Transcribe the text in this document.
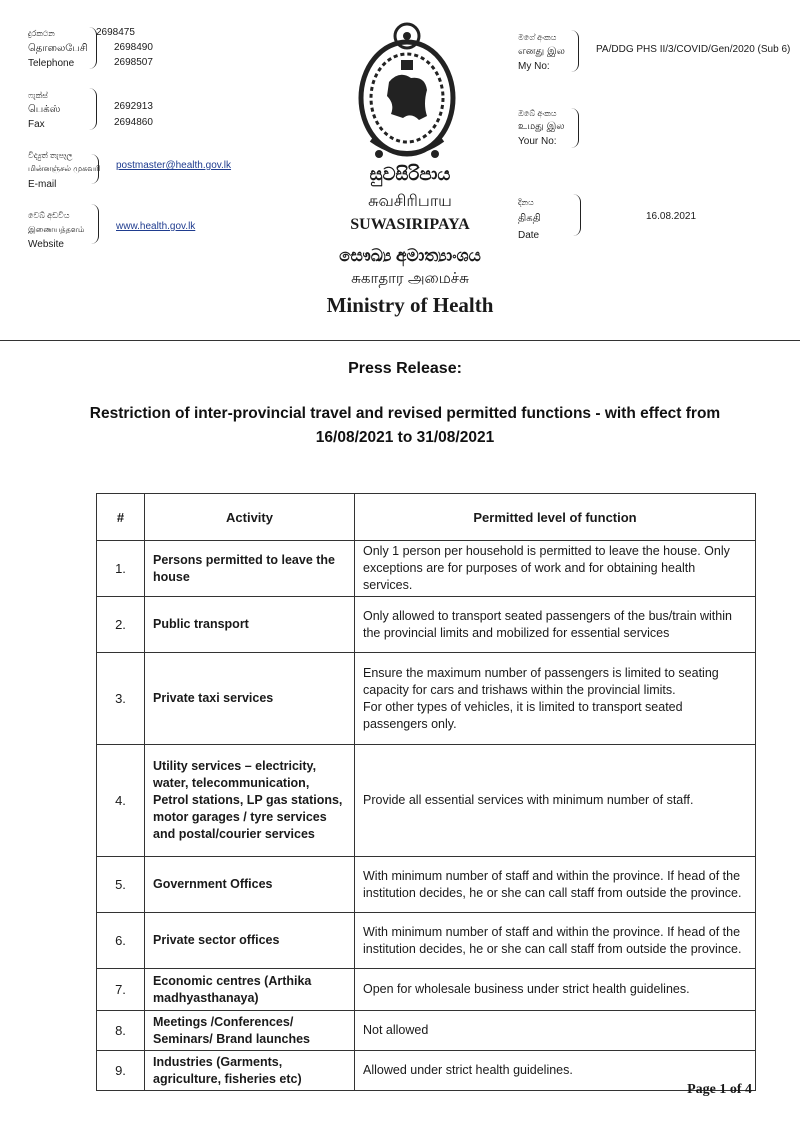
දුරකථන
தொலைபேசி
Telephone
2698475
2698490
2698507
ෆැක්ස්
பெக்ஸ்
Fax
2692913
2694860
විද්‍යුත් තැපෑල
மின்னஞ்சல் முகவரி
E-mail
postmaster@health.gov.lk
වෙබ් අඩවිය
இணையத்தளம்
Website
www.health.gov.lk
සුවසිරිපාය
சுவசிரிபாய
SUWASIRIPAYA
සෞඛ්‍ය අමාත්‍යාංශය
சுகாதார அமைச்சு
Ministry of Health
මගේ අංකය
எனது இல
My No:
PA/DDG PHS II/3/COVID/Gen/2020 (Sub 6)
ඔබේ අංකය
உமது இல
Your No:
දිනය
திகதி
Date
16.08.2021
Press Release:
Restriction of inter-provincial travel and revised permitted functions - with effect from
16/08/2021 to 31/08/2021
#	Activity	Permitted level of function
1.	Persons permitted to leave the house	Only 1 person per household is permitted to leave the house. Only exceptions are for purposes of work and for obtaining health services.
2.	Public transport	Only allowed to transport seated passengers of the bus/train within the provincial limits and mobilized for essential services
3.	Private taxi services	Ensure the maximum number of passengers is limited to seating capacity for cars and trishaws within the provincial limits.
For other types of vehicles, it is limited to transport seated passengers only.
4.	Utility services – electricity, water, telecommunication, Petrol stations, LP gas stations, motor garages / tyre services and postal/courier services	Provide all essential services with minimum number of staff.
5.	Government Offices	With minimum number of staff and within the province. If head of the institution decides, he or she can call staff from outside the province.
6.	Private sector offices	With minimum number of staff and within the province. If head of the institution decides, he or she can call staff from outside the province.
7.	Economic centres (Arthika madhyasthanaya)	Open for wholesale business under strict health guidelines.
8.	Meetings /Conferences/ Seminars/ Brand launches	Not allowed
9.	Industries (Garments, agriculture, fisheries etc)	Allowed under strict health guidelines.
Page 1 of 4
